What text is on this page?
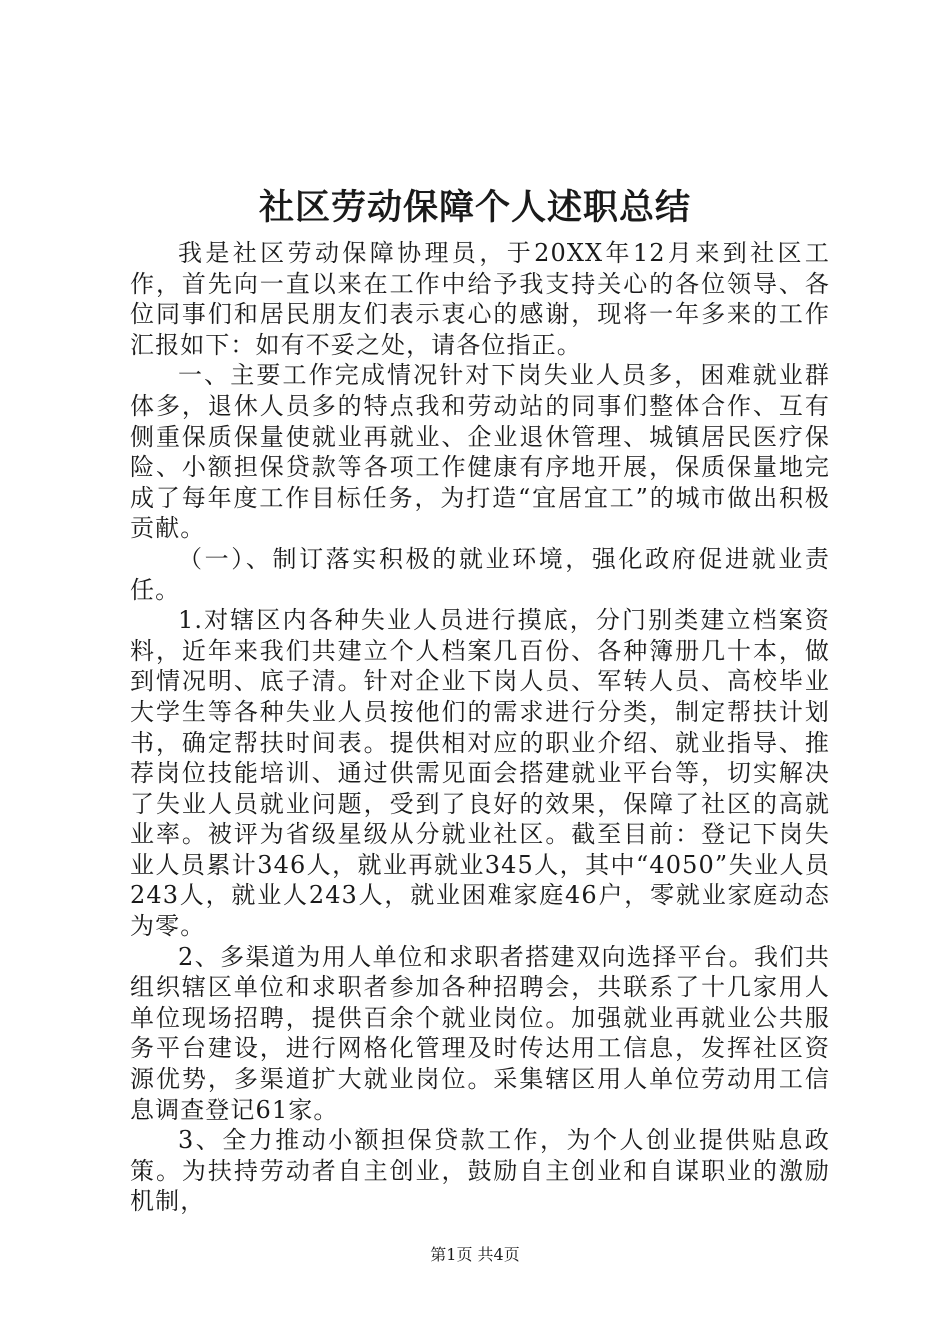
社区劳动保障个人述职总结

我是社区劳动保障协理员，于20XX年12月来到社区工作，首先向一直以来在工作中给予我支持关心的各位领导、各位同事们和居民朋友们表示衷心的感谢，现将一年多来的工作汇报如下：如有不妥之处，请各位指正。

一、主要工作完成情况针对下岗失业人员多，困难就业群体多，退休人员多的特点我和劳动站的同事们整体合作、互有侧重保质保量使就业再就业、企业退休管理、城镇居民医疗保险、小额担保贷款等各项工作健康有序地开展，保质保量地完成了每年度工作目标任务，为打造“宜居宜工”的城市做出积极贡献。

（一）、制订落实积极的就业环境，强化政府促进就业责任。

1.对辖区内各种失业人员进行摸底，分门别类建立档案资料，近年来我们共建立个人档案几百份、各种簿册几十本，做到情况明、底子清。针对企业下岗人员、军转人员、高校毕业大学生等各种失业人员按他们的需求进行分类，制定帮扶计划书，确定帮扶时间表。提供相对应的职业介绍、就业指导、推荐岗位技能培训、通过供需见面会搭建就业平台等，切实解决了失业人员就业问题，受到了良好的效果，保障了社区的高就业率。被评为省级星级从分就业社区。截至目前：登记下岗失业人员累计346人，就业再就业345人，其中“4050”失业人员243人，就业人243人，就业困难家庭46户，零就业家庭动态为零。

2、多渠道为用人单位和求职者搭建双向选择平台。我们共组织辖区单位和求职者参加各种招聘会，共联系了十几家用人单位现场招聘，提供百余个就业岗位。加强就业再就业公共服务平台建设，进行网格化管理及时传达用工信息，发挥社区资源优势，多渠道扩大就业岗位。采集辖区用人单位劳动用工信息调查登记61家。

3、全力推动小额担保贷款工作，为个人创业提供贴息政策。为扶持劳动者自主创业，鼓励自主创业和自谋职业的激励机制，

第1页 共4页
